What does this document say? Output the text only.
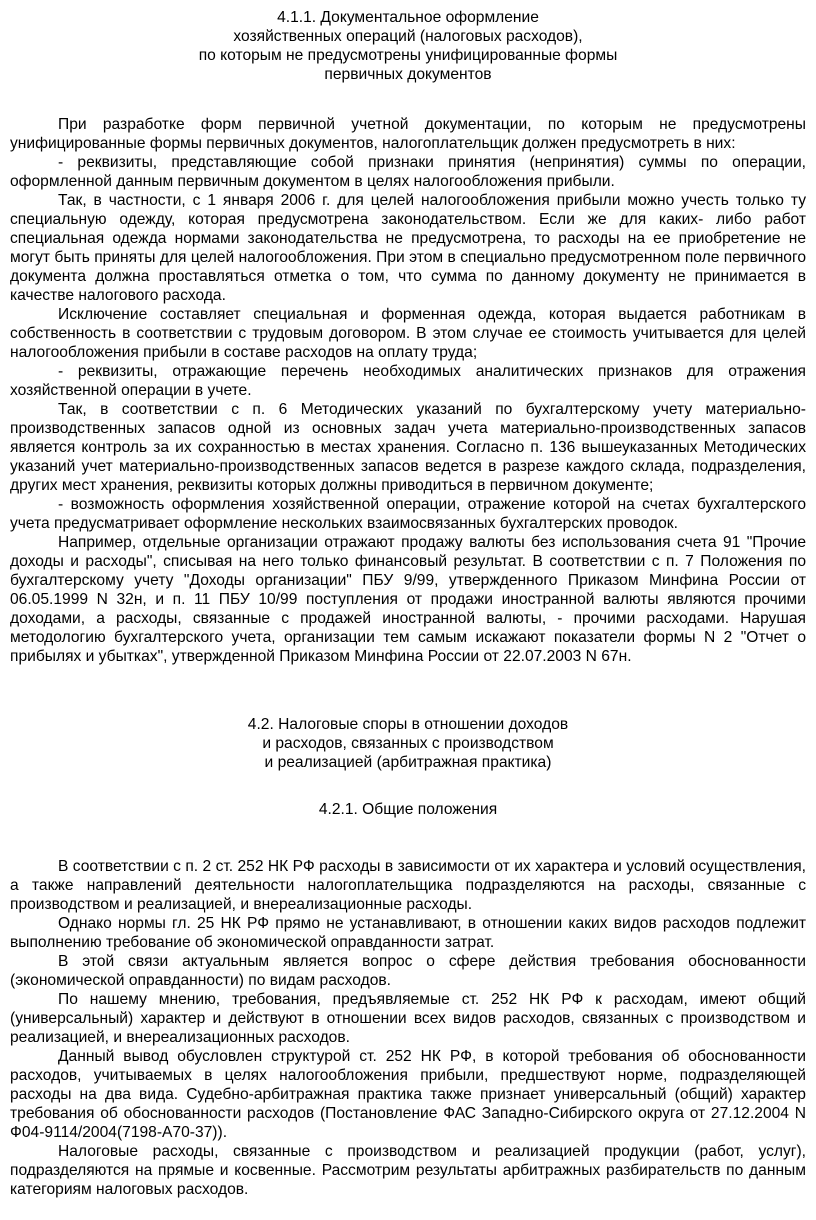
4.1.1. Документальное оформление
хозяйственных операций (налоговых расходов),
по которым не предусмотрены унифицированные формы
первичных документов

При разработке форм первичной учетной документации, по которым не предусмотрены унифицированные формы первичных документов, налогоплательщик должен предусмотреть в них:

- реквизиты, представляющие собой признаки принятия (непринятия) суммы по операции, оформленной данным первичным документом в целях налогообложения прибыли.

Так, в частности, с 1 января 2006 г. для целей налогообложения прибыли можно учесть только ту специальную одежду, которая предусмотрена законодательством. Если же для каких- либо работ специальная одежда нормами законодательства не предусмотрена, то расходы на ее приобретение не могут быть приняты для целей налогообложения. При этом в специально предусмотренном поле первичного документа должна проставляться отметка о том, что сумма по данному документу не принимается в качестве налогового расхода.

Исключение составляет специальная и форменная одежда, которая выдается работникам в собственность в соответствии с трудовым договором. В этом случае ее стоимость учитывается для целей налогообложения прибыли в составе расходов на оплату труда;

- реквизиты, отражающие перечень необходимых аналитических признаков для отражения хозяйственной операции в учете.

Так, в соответствии с п. 6 Методических указаний по бухгалтерскому учету материально-производственных запасов одной из основных задач учета материально-производственных запасов является контроль за их сохранностью в местах хранения. Согласно п. 136 вышеуказанных Методических указаний учет материально-производственных запасов ведется в разрезе каждого склада, подразделения, других мест хранения, реквизиты которых должны приводиться в первичном документе;

- возможность оформления хозяйственной операции, отражение которой на счетах бухгалтерского учета предусматривает оформление нескольких взаимосвязанных бухгалтерских проводок.

Например, отдельные организации отражают продажу валюты без использования счета 91 "Прочие доходы и расходы", списывая на него только финансовый результат. В соответствии с п. 7 Положения по бухгалтерскому учету "Доходы организации" ПБУ 9/99, утвержденного Приказом Минфина России от 06.05.1999 N 32н, и п. 11 ПБУ 10/99 поступления от продажи иностранной валюты являются прочими доходами, а расходы, связанные с продажей иностранной валюты, - прочими расходами. Нарушая методологию бухгалтерского учета, организации тем самым искажают показатели формы N 2 "Отчет о прибылях и убытках", утвержденной Приказом Минфина России от 22.07.2003 N 67н.

4.2. Налоговые споры в отношении доходов
и расходов, связанных с производством
и реализацией (арбитражная практика)
4.2.1. Общие положения

В соответствии с п. 2 ст. 252 НК РФ расходы в зависимости от их характера и условий осуществления, а также направлений деятельности налогоплательщика подразделяются на расходы, связанные с производством и реализацией, и внереализационные расходы.

Однако нормы гл. 25 НК РФ прямо не устанавливают, в отношении каких видов расходов подлежит выполнению требование об экономической оправданности затрат.

В этой связи актуальным является вопрос о сфере действия требования обоснованности (экономической оправданности) по видам расходов.

По нашему мнению, требования, предъявляемые ст. 252 НК РФ к расходам, имеют общий (универсальный) характер и действуют в отношении всех видов расходов, связанных с производством и реализацией, и внереализационных расходов.

Данный вывод обусловлен структурой ст. 252 НК РФ, в которой требования об обоснованности расходов, учитываемых в целях налогообложения прибыли, предшествуют норме, подразделяющей расходы на два вида. Судебно-арбитражная практика также признает универсальный (общий) характер требования об обоснованности расходов (Постановление ФАС Западно-Сибирского округа от 27.12.2004 N Ф04-9114/2004(7198-А70-37)).

Налоговые расходы, связанные с производством и реализацией продукции (работ, услуг), подразделяются на прямые и косвенные. Рассмотрим результаты арбитражных разбирательств по данным категориям налоговых расходов.
